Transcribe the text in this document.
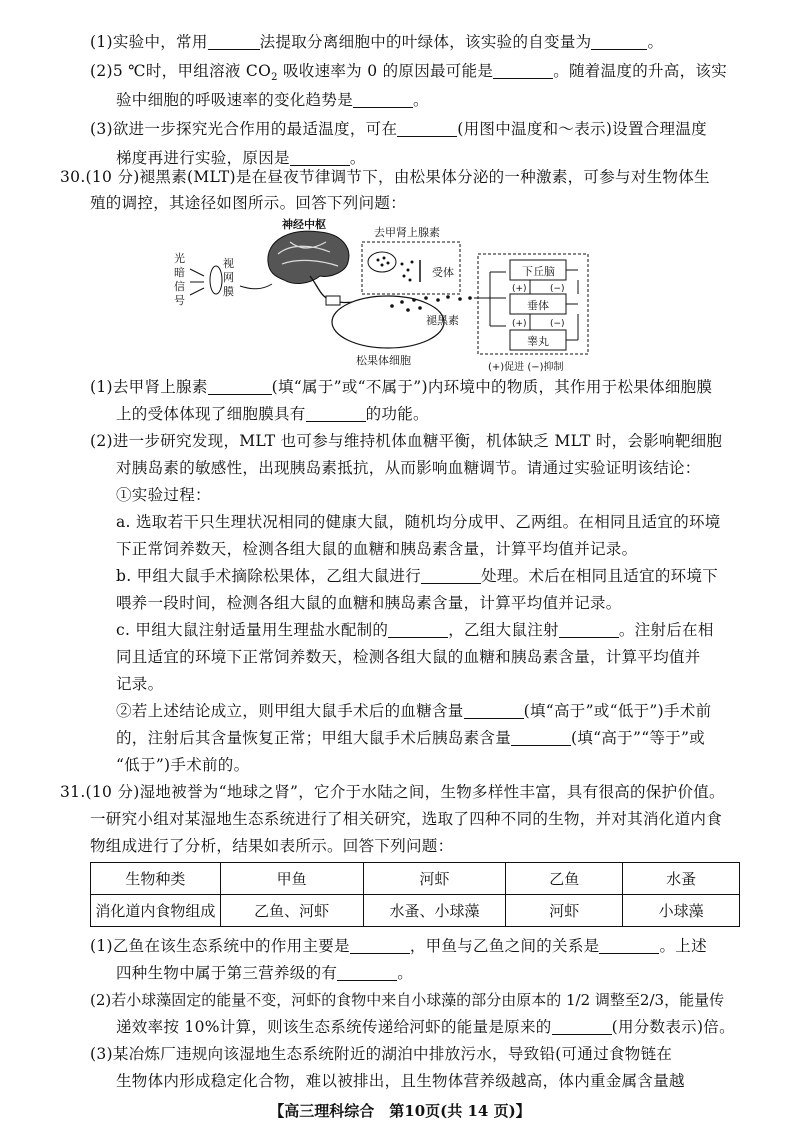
(1)实验中，常用	法提取分离细胞中的叶绿体，该实验的自变量为	。
(2)5 ℃时，甲组溶液 $CO_2$ 吸收速率为 0 的原因最可能是	。随着温度的升高，该实
验中细胞的呼吸速率的变化趋势是	。
(3)欲进一步探究光合作用的最适温度，可在	(用图中温度和～表示)设置合理温度
梯度再进行实验，原因是	。
30.(10 分)褪黑素(MLT)是在昼夜节律调节下，由松果体分泌的一种激素，可参与对生物体生
殖的调控，其途径如图所示。回答下列问题：
光
暗
信
号
视
网
膜
神经中枢
松果体细胞
去甲肾上腺素
受体
褪黑素
下丘脑
垂体
睾丸
(+)	(−)
(+)	(−)
(+)促进 (−)抑制
(1)去甲肾上腺素	(填“属于”或“不属于”)内环境中的物质，其作用于松果体细胞膜
上的受体体现了细胞膜具有	的功能。
(2)进一步研究发现，MLT 也可参与维持机体血糖平衡，机体缺乏 MLT 时，会影响靶细胞
对胰岛素的敏感性，出现胰岛素抵抗，从而影响血糖调节。请通过实验证明该结论：
①实验过程：
a. 选取若干只生理状况相同的健康大鼠，随机均分成甲、乙两组。在相同且适宜的环境
下正常饲养数天，检测各组大鼠的血糖和胰岛素含量，计算平均值并记录。
b. 甲组大鼠手术摘除松果体，乙组大鼠进行	处理。术后在相同且适宜的环境下
喂养一段时间，检测各组大鼠的血糖和胰岛素含量，计算平均值并记录。
c. 甲组大鼠注射适量用生理盐水配制的	，乙组大鼠注射	。注射后在相
同且适宜的环境下正常饲养数天，检测各组大鼠的血糖和胰岛素含量，计算平均值并
记录。
②若上述结论成立，则甲组大鼠手术后的血糖含量	(填“高于”或“低于”)手术前
的，注射后其含量恢复正常；甲组大鼠手术后胰岛素含量	(填“高于”“等于”或
“低于”)手术前的。
31.(10 分)湿地被誉为“地球之肾”，它介于水陆之间，生物多样性丰富，具有很高的保护价值。
生物种类	甲鱼	河虾	乙鱼	水蚤
消化道内食物组成	乙鱼、河虾	水蚤、小球藻	河虾	小球藻
一研究小组对某湿地生态系统进行了相关研究，选取了四种不同的生物，并对其消化道内食
物组成进行了分析，结果如表所示。回答下列问题：
(1)乙鱼在该生态系统中的作用主要是	，甲鱼与乙鱼之间的关系是	。上述
四种生物中属于第三营养级的有	。
(2)若小球藻固定的能量不变，河虾的食物中来自小球藻的部分由原本的 1/2 调整至2/3，能量传
递效率按 10%计算，则该生态系统传递给河虾的能量是原来的	(用分数表示)倍。
(3)某冶炼厂违规向该湿地生态系统附近的湖泊中排放污水，导致铅(可通过食物链在
生物体内形成稳定化合物，难以被排出，且生物体营养级越高，体内重金属含量越
【高三理科综合　第10页(共 14 页)】
